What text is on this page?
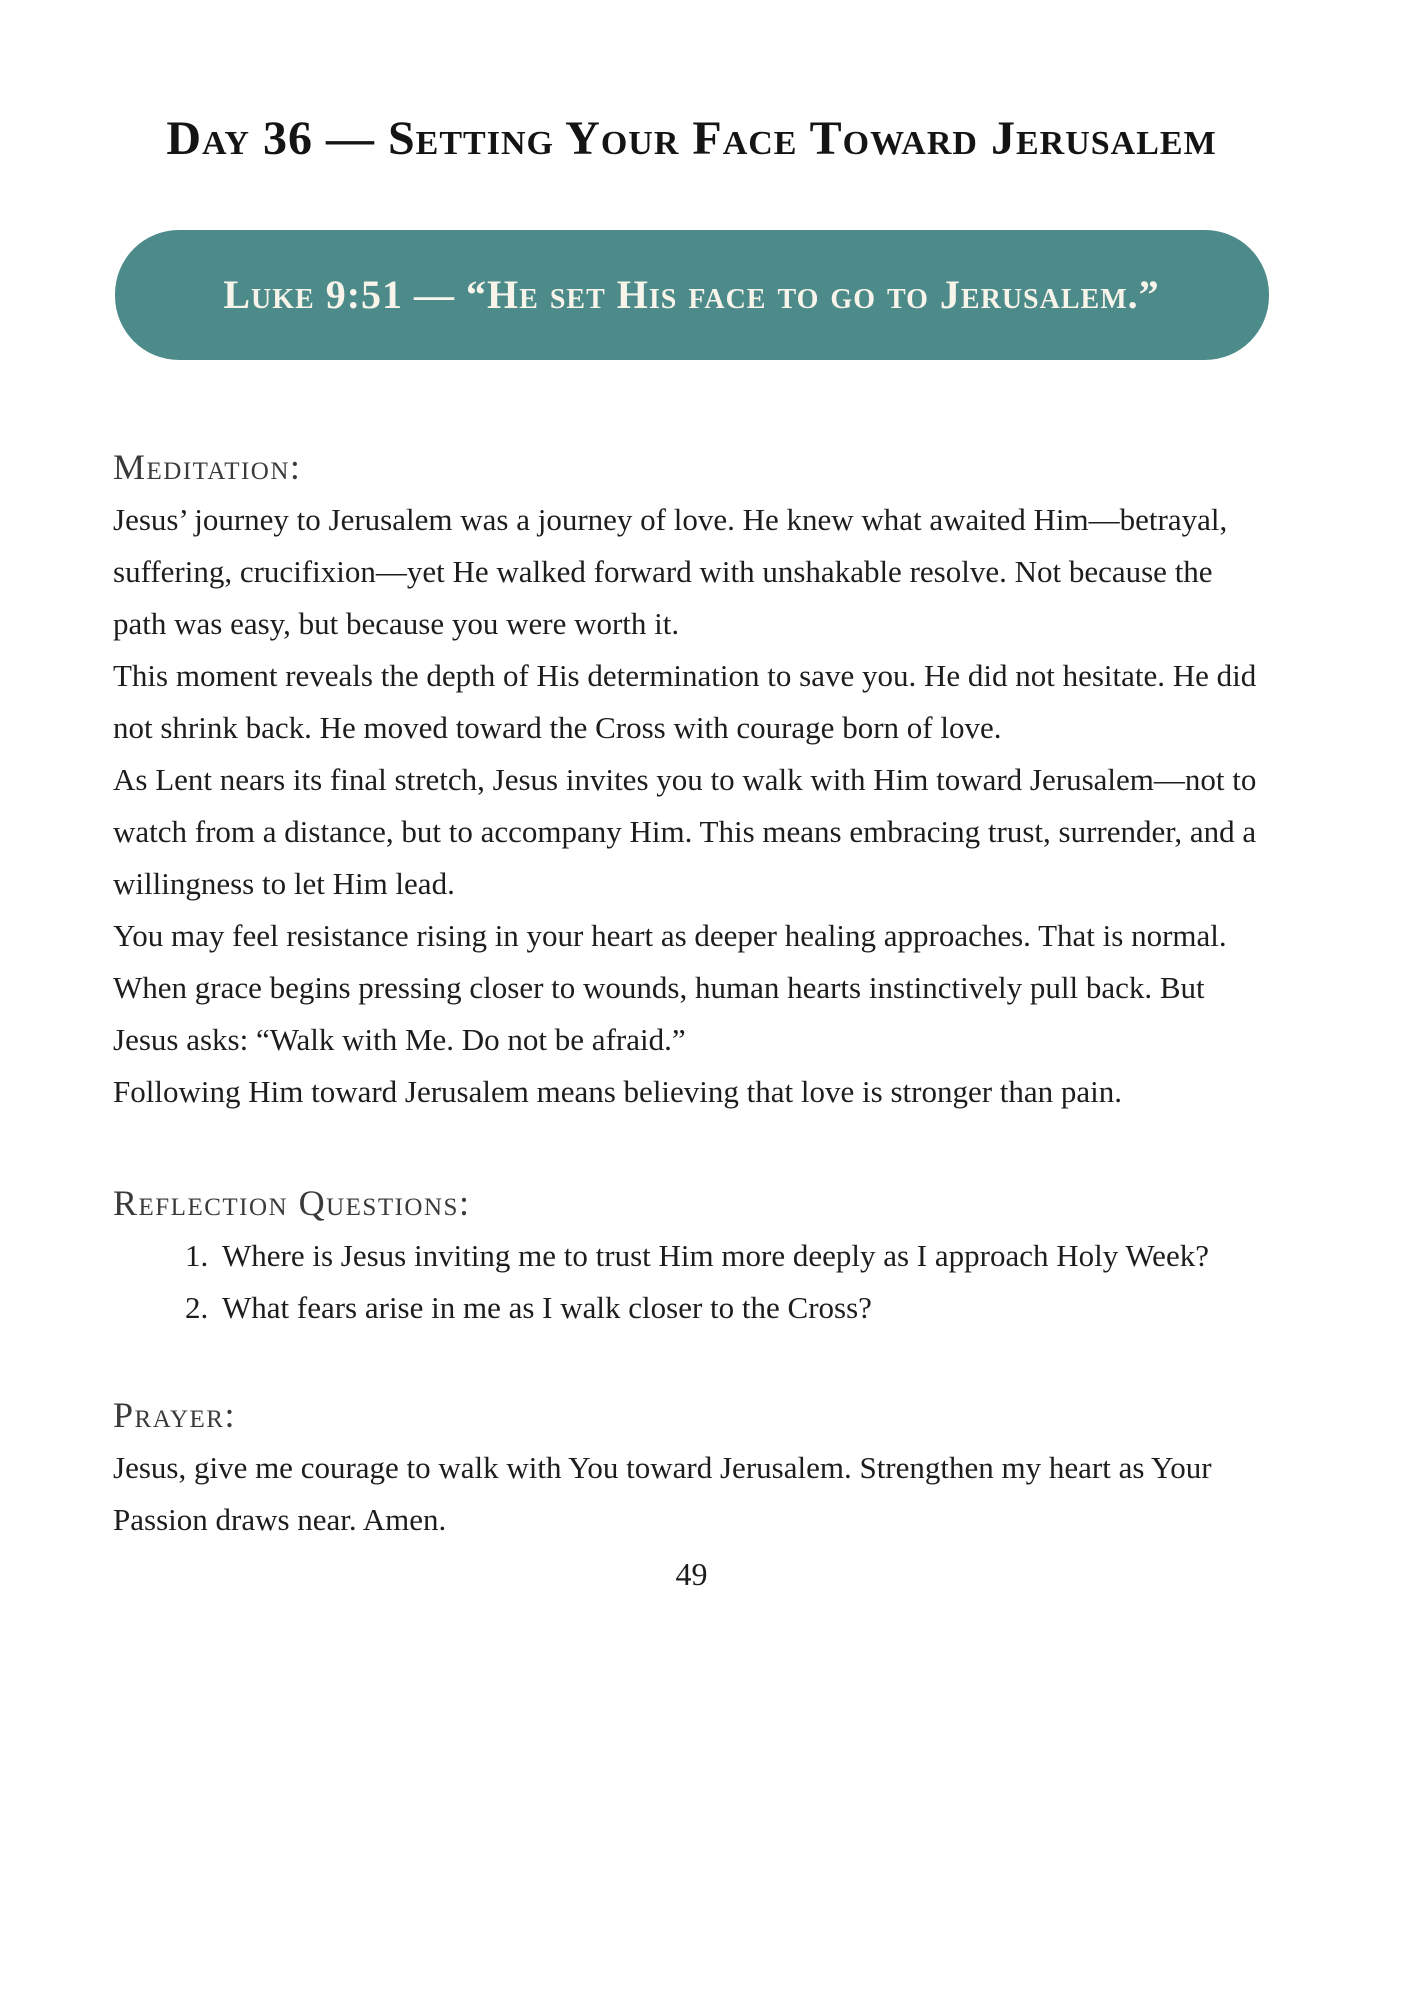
Day 36 — Setting Your Face Toward Jerusalem
Luke 9:51 — “He set His face to go to Jerusalem.”
Meditation:

Jesus’ journey to Jerusalem was a journey of love. He knew what awaited Him—betrayal, suffering, crucifixion—yet He walked forward with unshakable resolve. Not because the path was easy, but because you were worth it.

This moment reveals the depth of His determination to save you. He did not hesitate. He did not shrink back. He moved toward the Cross with courage born of love.

As Lent nears its final stretch, Jesus invites you to walk with Him toward Jerusalem—not to watch from a distance, but to accompany Him. This means embracing trust, surrender, and a willingness to let Him lead.

You may feel resistance rising in your heart as deeper healing approaches. That is normal. When grace begins pressing closer to wounds, human hearts instinctively pull back. But Jesus asks: “Walk with Me. Do not be afraid.”

Following Him toward Jerusalem means believing that love is stronger than pain.

Reflection Questions:
1. Where is Jesus inviting me to trust Him more deeply as I approach Holy Week?
2. What fears arise in me as I walk closer to the Cross?
Prayer:

Jesus, give me courage to walk with You toward Jerusalem. Strengthen my heart as Your Passion draws near. Amen.

49
